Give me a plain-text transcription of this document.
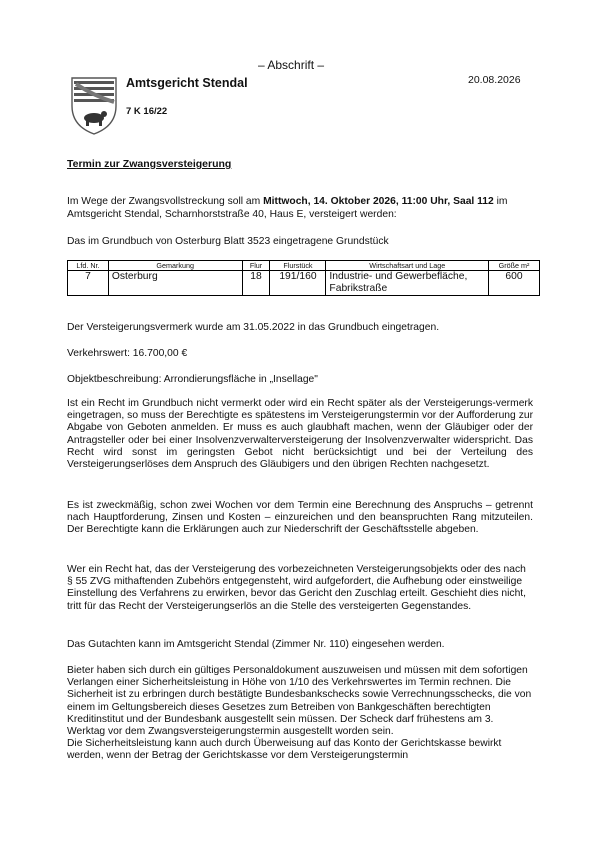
– Abschrift –
Amtsgericht Stendal
7 K 16/22
20.08.2026
Termin zur Zwangsversteigerung
Im Wege der Zwangsvollstreckung soll am Mittwoch, 14. Oktober 2026, 11:00 Uhr, Saal 112 im Amtsgericht Stendal, Scharnhorststraße 40, Haus E, versteigert werden:
Das im Grundbuch von Osterburg Blatt 3523 eingetragene Grundstück
Lfd. Nr.	Gemarkung	Flur	Flurstück	Wirtschaftsart und Lage	Größe m²
7	Osterburg	18	191/160	Industrie- und Gewerbefläche, Fabrikstraße	600

Der Versteigerungsvermerk wurde am 31.05.2022 in das Grundbuch eingetragen.

Verkehrswert: 16.700,00 €

Objektbeschreibung: Arrondierungsfläche in „Insellage"

Ist ein Recht im Grundbuch nicht vermerkt oder wird ein Recht später als der Versteigerungs-vermerk eingetragen, so muss der Berechtigte es spätestens im Versteigerungstermin vor der Aufforderung zur Abgabe von Geboten anmelden. Er muss es auch glaubhaft machen, wenn der Gläubiger oder der Antragsteller oder bei einer Insolvenzverwalterversteigerung der Insolvenzverwalter widerspricht. Das Recht wird sonst im geringsten Gebot nicht berücksichtigt und bei der Verteilung des Versteigerungserlöses dem Anspruch des Gläubigers und den übrigen Rechten nachgesetzt.

Es ist zweckmäßig, schon zwei Wochen vor dem Termin eine Berechnung des Anspruchs – getrennt nach Hauptforderung, Zinsen und Kosten – einzureichen und den beanspruchten Rang mitzuteilen. Der Berechtigte kann die Erklärungen auch zur Niederschrift der Geschäftsstelle abgeben.

Wer ein Recht hat, das der Versteigerung des vorbezeichneten Versteigerungsobjekts oder des nach § 55 ZVG mithaftenden Zubehörs entgegensteht, wird aufgefordert, die Aufhebung oder einstweilige Einstellung des Verfahrens zu erwirken, bevor das Gericht den Zuschlag erteilt. Geschieht dies nicht, tritt für das Recht der Versteigerungserlös an die Stelle des versteigerten Gegenstandes.

Das Gutachten kann im Amtsgericht Stendal (Zimmer Nr. 110) eingesehen werden.

Bieter haben sich durch ein gültiges Personaldokument auszuweisen und müssen mit dem sofortigen Verlangen einer Sicherheitsleistung in Höhe von 1/10 des Verkehrswertes im Termin rechnen. Die Sicherheit ist zu erbringen durch bestätigte Bundesbankschecks sowie Verrechnungsschecks, die von einem im Geltungsbereich dieses Gesetzes zum Betreiben von Bankgeschäften berechtigten Kreditinstitut und der Bundesbank ausgestellt sein müssen. Der Scheck darf frühestens am 3. Werktag vor dem Zwangsversteigerungstermin ausgestellt worden sein.
Die Sicherheitsleistung kann auch durch Überweisung auf das Konto der Gerichtskasse bewirkt werden, wenn der Betrag der Gerichtskasse vor dem Versteigerungstermin
